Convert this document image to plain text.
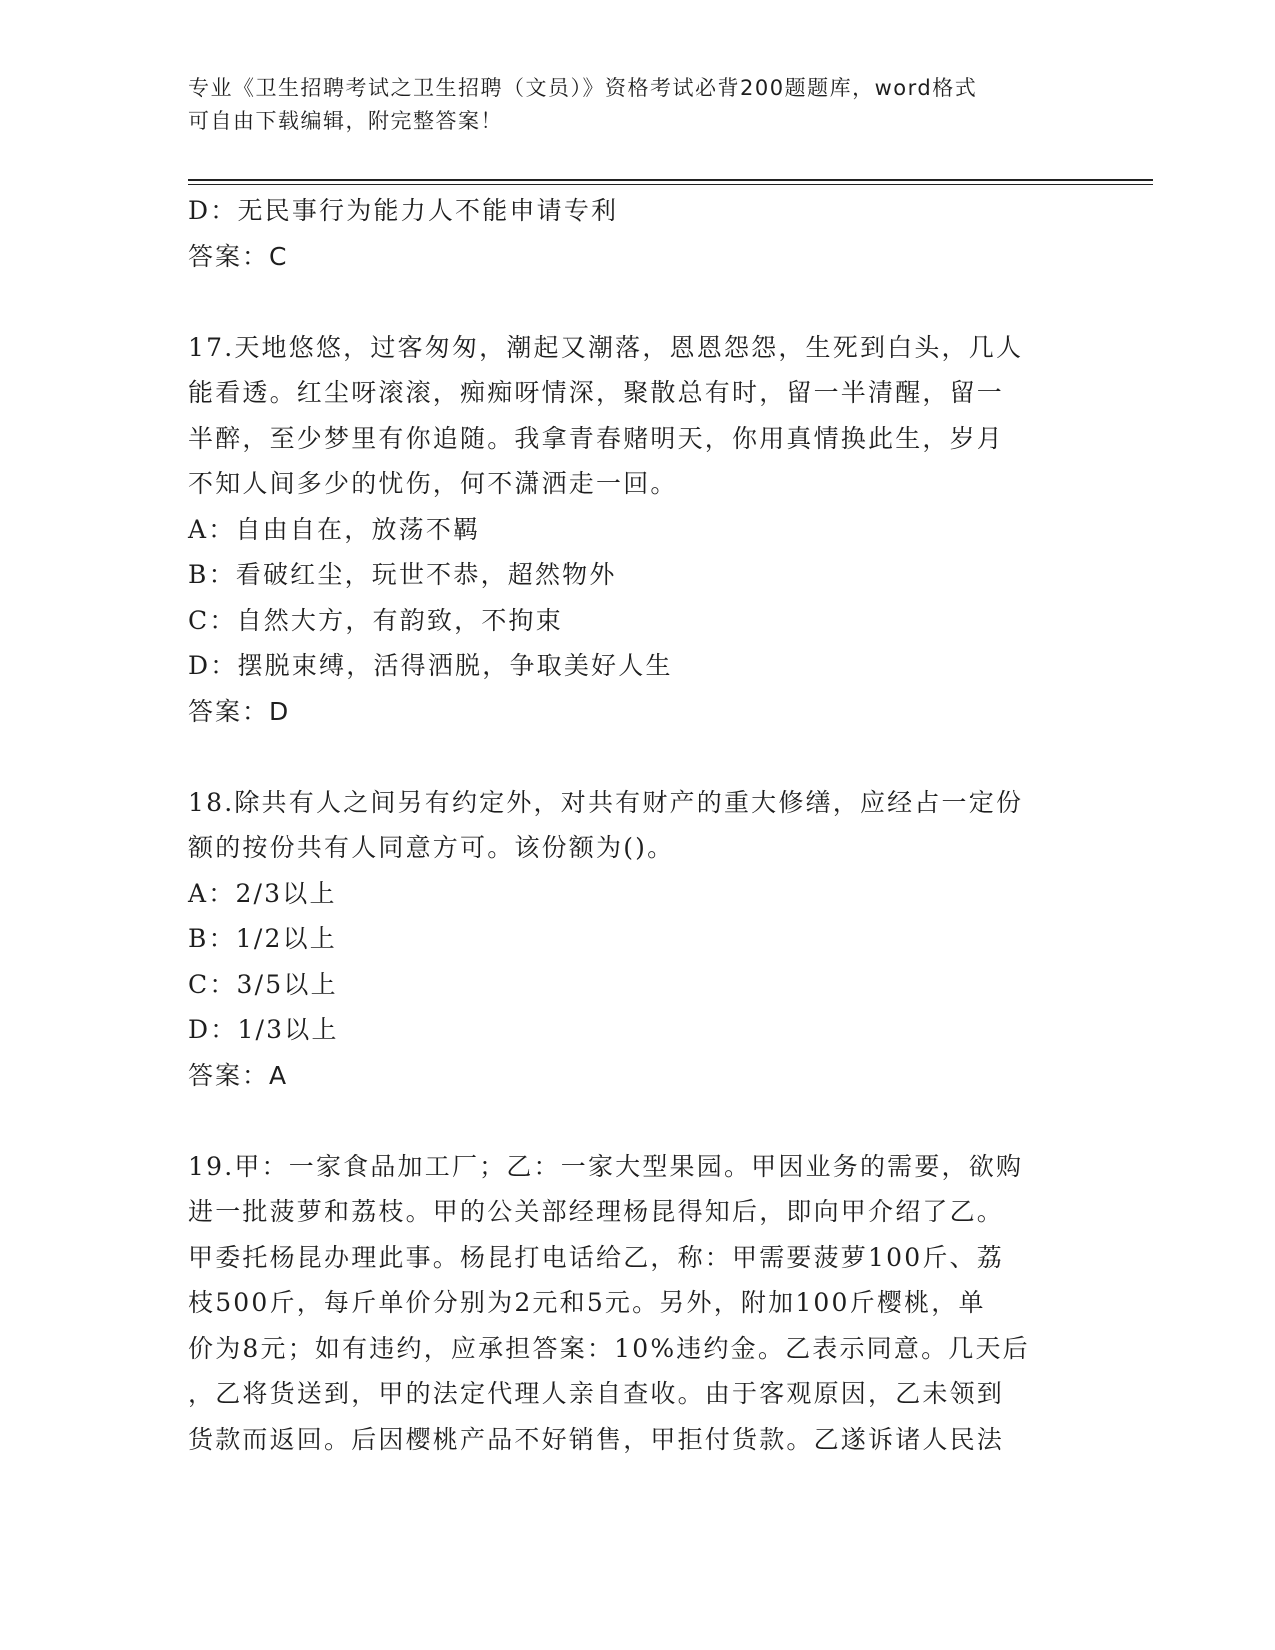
专业《卫生招聘考试之卫生招聘（文员）》资格考试必背200题题库，word格式
可自由下载编辑，附完整答案！
D：无民事行为能力人不能申请专利
答案：C
17.天地悠悠，过客匆匆，潮起又潮落，恩恩怨怨，生死到白头，几人
能看透。红尘呀滚滚，痴痴呀情深，聚散总有时，留一半清醒，留一
半醉，至少梦里有你追随。我拿青春赌明天，你用真情换此生，岁月
不知人间多少的忧伤，何不潇洒走一回。
A：自由自在，放荡不羁
B：看破红尘，玩世不恭，超然物外
C：自然大方，有韵致，不拘束
D：摆脱束缚，活得洒脱，争取美好人生
答案：D
18.除共有人之间另有约定外，对共有财产的重大修缮，应经占一定份
额的按份共有人同意方可。该份额为()。
A：2/3以上
B：1/2以上
C：3/5以上
D：1/3以上
答案：A
19.甲：一家食品加工厂；乙：一家大型果园。甲因业务的需要，欲购
进一批菠萝和荔枝。甲的公关部经理杨昆得知后，即向甲介绍了乙。
甲委托杨昆办理此事。杨昆打电话给乙，称：甲需要菠萝100斤、荔
枝500斤，每斤单价分别为2元和5元。另外，附加100斤樱桃，单
价为8元；如有违约，应承担答案：10%违约金。乙表示同意。几天后
，乙将货送到，甲的法定代理人亲自查收。由于客观原因，乙未领到
货款而返回。后因樱桃产品不好销售，甲拒付货款。乙遂诉诸人民法
